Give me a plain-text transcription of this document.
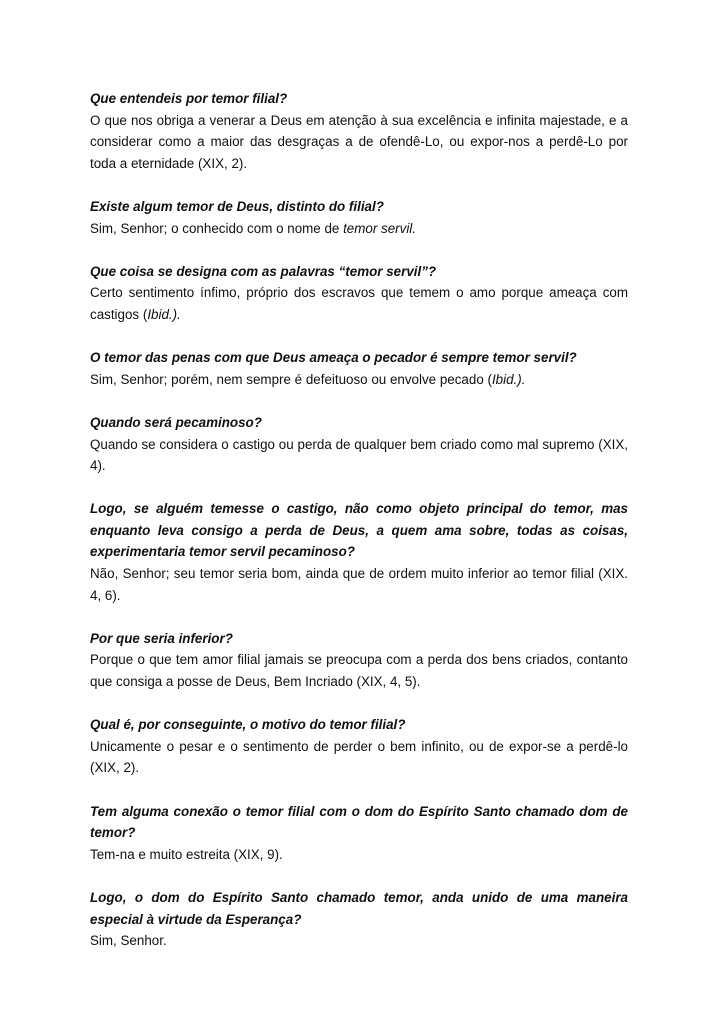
Que entendeis por temor filial?

O que nos obriga a venerar a Deus em atenção à sua excelência e infinita majestade, e a considerar como a maior das desgraças a de ofendê-Lo, ou expor-nos a perdê-Lo por toda a eternidade (XIX, 2).

Existe algum temor de Deus, distinto do filial?

Sim, Senhor; o conhecido com o nome de temor servil.

Que coisa se designa com as palavras “temor servil”?

Certo sentimento ínfimo, próprio dos escravos que temem o amo porque ameaça com castigos (Ibid.).

O temor das penas com que Deus ameaça o pecador é sempre temor servil?

Sim, Senhor; porém, nem sempre é defeituoso ou envolve pecado (Ibid.).

Quando será pecaminoso?

Quando se considera o castigo ou perda de qualquer bem criado como mal supremo (XIX, 4).

Logo, se alguém temesse o castigo, não como objeto principal do temor, mas enquanto leva consigo a perda de Deus, a quem ama sobre, todas as coisas, experimentaria temor servil pecaminoso?

Não, Senhor; seu temor seria bom, ainda que de ordem muito inferior ao temor filial (XIX. 4, 6).

Por que seria inferior?

Porque o que tem amor filial jamais se preocupa com a perda dos bens criados, contanto que consiga a posse de Deus, Bem Incriado (XIX, 4, 5).

Qual é, por conseguinte, o motivo do temor filial?

Unicamente o pesar e o sentimento de perder o bem infinito, ou de expor-se a perdê-lo (XIX, 2).

Tem alguma conexão o temor filial com o dom do Espírito Santo chamado dom de temor?

Tem-na e muito estreita (XIX, 9).

Logo, o dom do Espírito Santo chamado temor, anda unido de uma maneira especial à virtude da Esperança?

Sim, Senhor.
